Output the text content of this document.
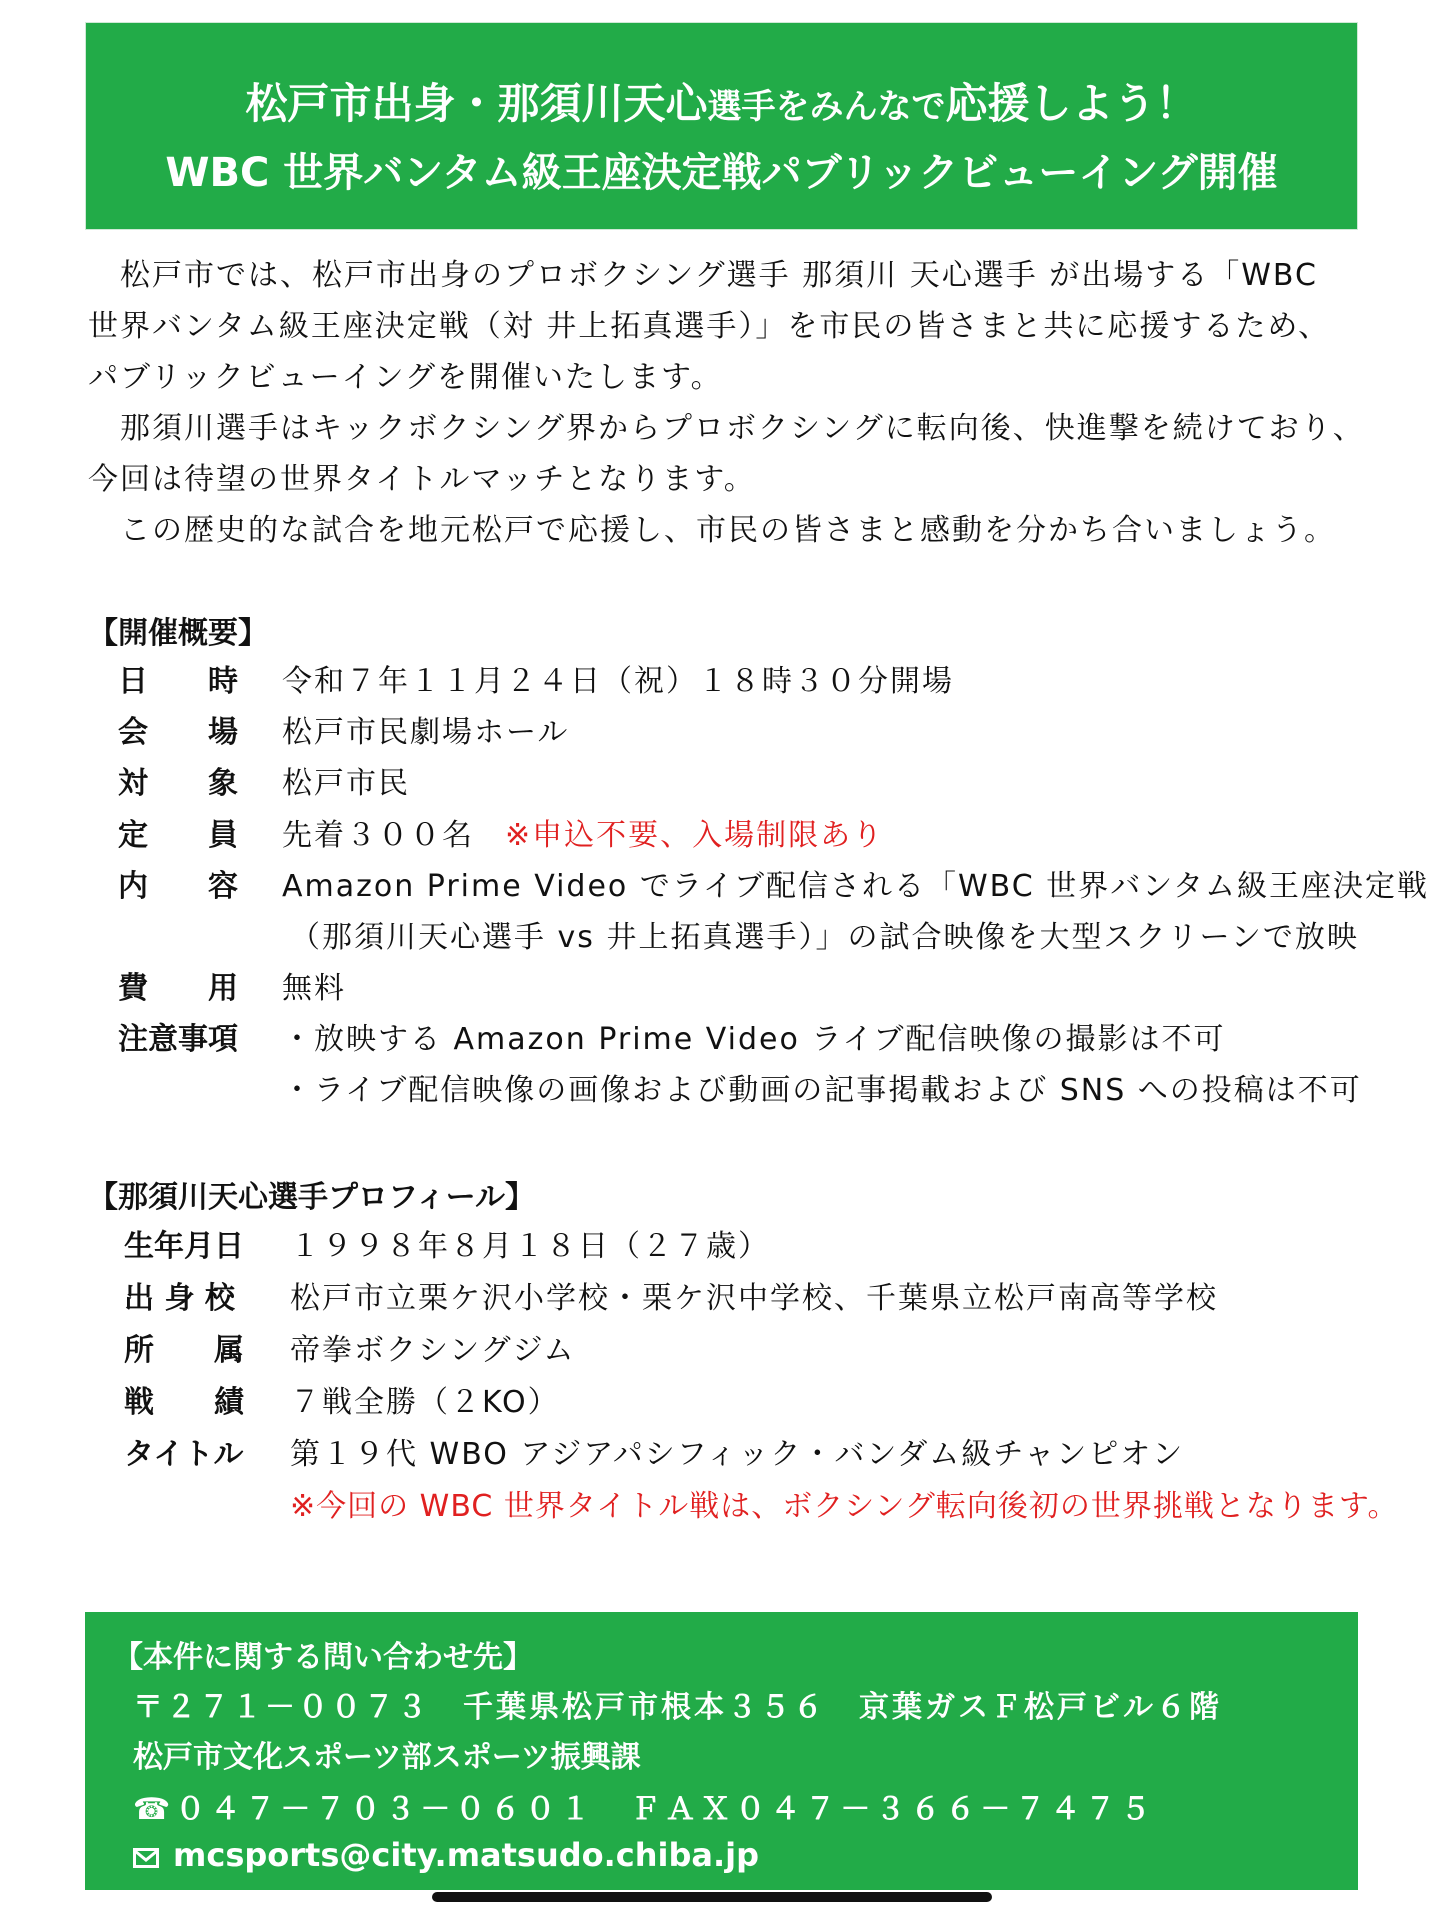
松戸市出身・那須川天心選手をみんなで応援しよう！
WBC 世界バンタム級王座決定戦パブリックビューイング開催
　松戸市では、松戸市出身のプロボクシング選手 那須川 天心選手 が出場する「WBC
世界バンタム級王座決定戦（対 井上拓真選手）」を市民の皆さまと共に応援するため、
パブリックビューイングを開催いたします。
　那須川選手はキックボクシング界からプロボクシングに転向後、快進撃を続けており、
今回は待望の世界タイトルマッチとなります。
　この歴史的な試合を地元松戸で応援し、市民の皆さまと感動を分かち合いましょう。
【開催概要】
日　　時	令和７年１１月２４日（祝）１８時３０分開場
会　　場	松戸市民劇場ホール
対　　象	松戸市民
定　　員	先着３００名 ※申込不要、入場制限あり
内　　容	Amazon Prime Video でライブ配信される「WBC 世界バンタム級王座決定戦
（那須川天心選手 vs 井上拓真選手）」の試合映像を大型スクリーンで放映
費　　用	無料
注意事項	・放映する Amazon Prime Video ライブ配信映像の撮影は不可
・ライブ配信映像の画像および動画の記事掲載および SNS への投稿は不可
【那須川天心選手プロフィール】
生年月日	１９９８年８月１８日（２７歳）
出 身 校	松戸市立栗ケ沢小学校・栗ケ沢中学校、千葉県立松戸南高等学校
所　　属	帝拳ボクシングジム
戦　　績	７戦全勝（２KO）
タイトル	第１９代 WBO アジアパシフィック・バンダム級チャンピオン
※今回の WBC 世界タイトル戦は、ボクシング転向後初の世界挑戦となります。
【本件に関する問い合わせ先】
〒２７１－００７３　千葉県松戸市根本３５６　京葉ガスＦ松戸ビル６階
松戸市文化スポーツ部スポーツ振興課
☎０４７－７０３－０６０１　ＦＡＸ０４７－３６６－７４７５
mcsports@city.matsudo.chiba.jp
